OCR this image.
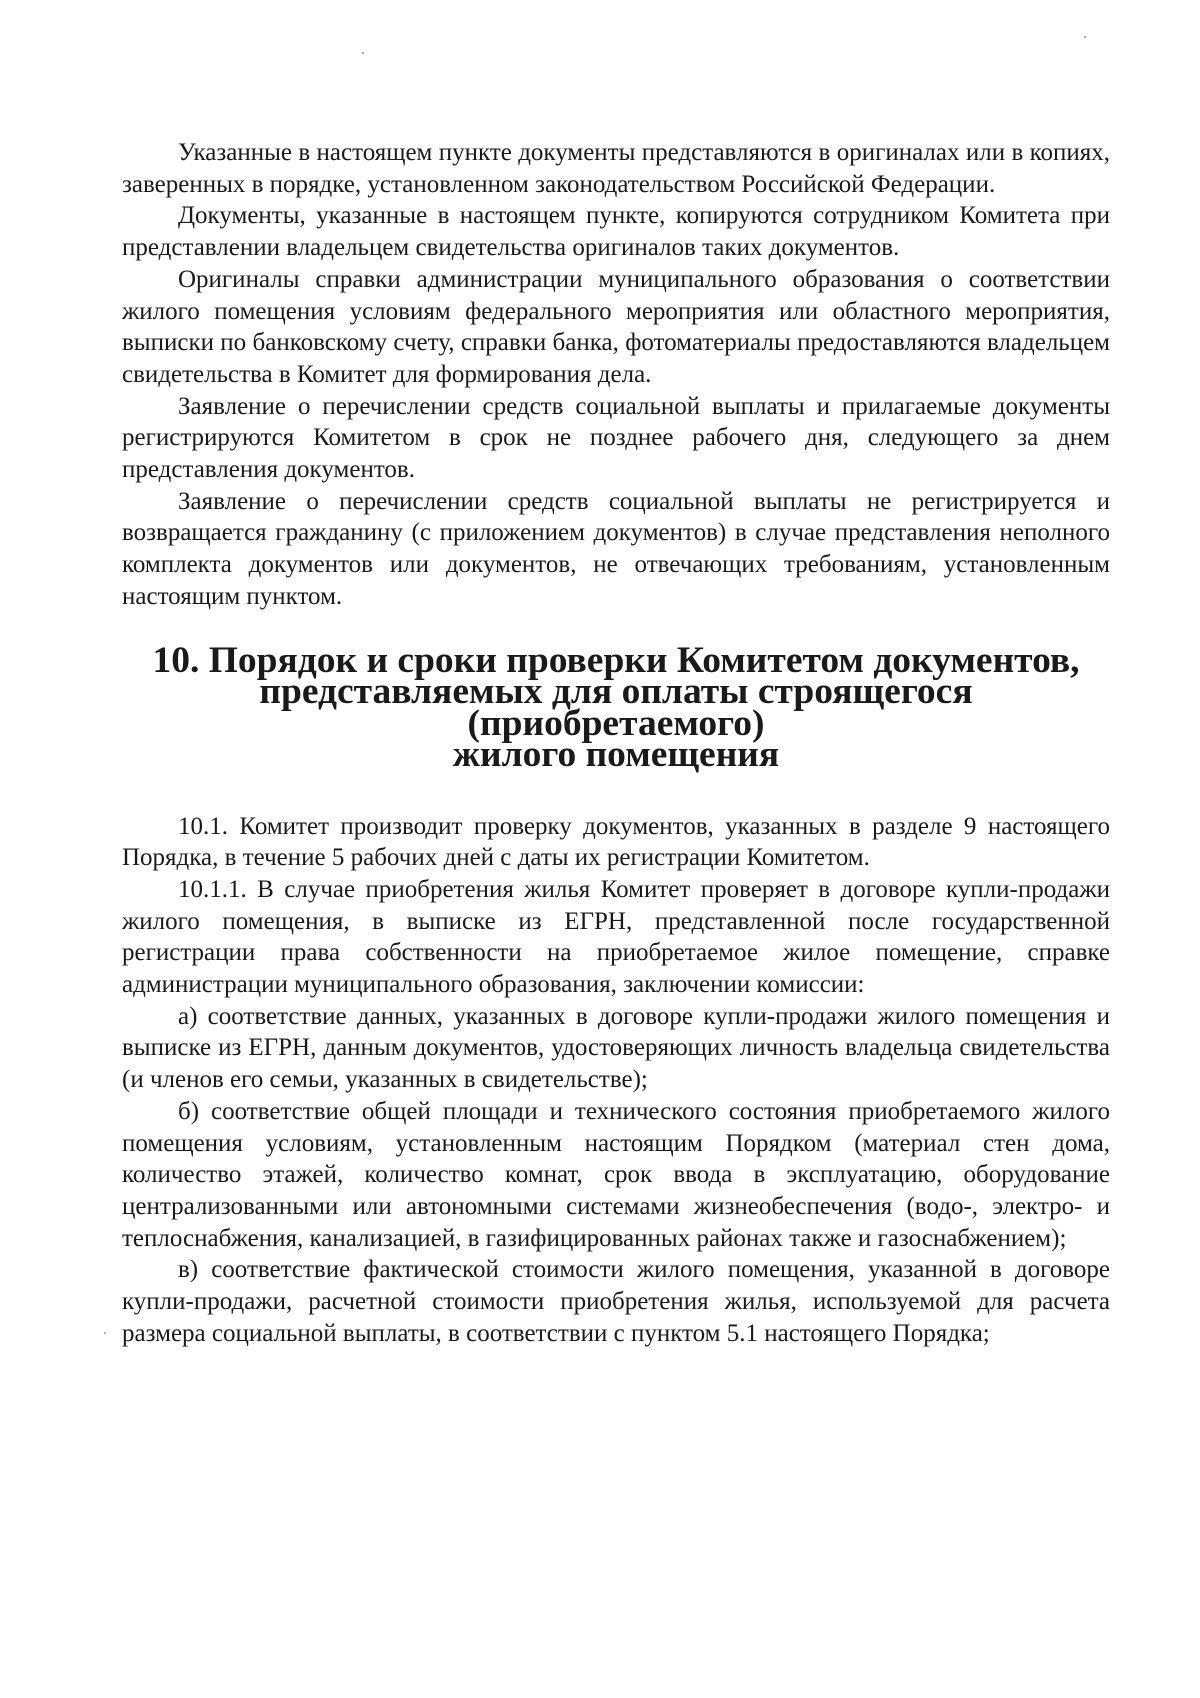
Указанные в настоящем пункте документы представляются в оригиналах или в копиях, заверенных в порядке, установленном законодательством Российской Федерации.

Документы, указанные в настоящем пункте, копируются сотрудником Комитета при представлении владельцем свидетельства оригиналов таких документов.

Оригиналы справки администрации муниципального образования о соответствии жилого помещения условиям федерального мероприятия или областного мероприятия, выписки по банковскому счету, справки банка, фотоматериалы предоставляются владельцем свидетельства в Комитет для формирования дела.

Заявление о перечислении средств социальной выплаты и прилагаемые документы регистрируются Комитетом в срок не позднее рабочего дня, следующего за днем представления документов.

Заявление о перечислении средств социальной выплаты не регистрируется и возвращается гражданину (с приложением документов) в случае представления неполного комплекта документов или документов, не отвечающих требованиям, установленным настоящим пунктом.

10. Порядок и сроки проверки Комитетом документов,
представляемых для оплаты строящегося (приобретаемого)
жилого помещения

10.1. Комитет производит проверку документов, указанных в разделе 9 настоящего Порядка, в течение 5 рабочих дней с даты их регистрации Комитетом.

10.1.1. В случае приобретения жилья Комитет проверяет в договоре купли-продажи жилого помещения, в выписке из ЕГРН, представленной после государственной регистрации права собственности на приобретаемое жилое помещение, справке администрации муниципального образования, заключении комиссии:

а) соответствие данных, указанных в договоре купли-продажи жилого помещения и выписке из ЕГРН, данным документов, удостоверяющих личность владельца свидетельства (и членов его семьи, указанных в свидетельстве);

б) соответствие общей площади и технического состояния приобретаемого жилого помещения условиям, установленным настоящим Порядком (материал стен дома, количество этажей, количество комнат, срок ввода в эксплуатацию, оборудование централизованными или автономными системами жизнеобеспечения (водо-, электро- и теплоснабжения, канализацией, в газифицированных районах также и газоснабжением);

в) соответствие фактической стоимости жилого помещения, указанной в договоре купли-продажи, расчетной стоимости приобретения жилья, используемой для расчета размера социальной выплаты, в соответствии с пунктом 5.1 настоящего Порядка;
